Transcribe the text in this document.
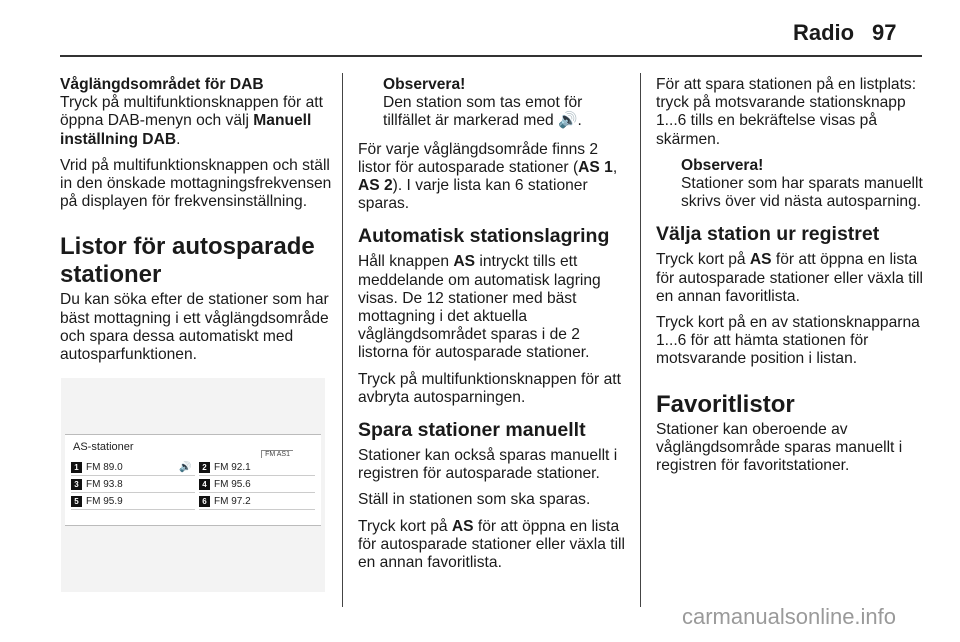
Radio 97
Våglängdsområdet för DAB

Tryck på multifunktionsknappen för att öppna DAB-menyn och välj Manuell inställning DAB.

Vrid på multifunktionsknappen och ställ in den önskade mottagningsfrekvensen på displayen för frekvensinställning.

Listor för autosparade stationer

Du kan söka efter de stationer som har bäst mottagning i ett våglängdsområde och spara dessa automatiskt med autosparfunktionen.

AS-stationer
FM AS1
1 FM 89.0	🔊	2 FM 92.1
3 FM 93.8	4 FM 95.6
5 FM 95.9	6 FM 97.2
Observera!
Den station som tas emot för tillfället är markerad med 🔊.

För varje våglängdsområde finns 2 listor för autosparade stationer (AS 1, AS 2). I varje lista kan 6 stationer sparas.

Automatisk stationslagring

Håll knappen AS intryckt tills ett meddelande om automatisk lagring visas. De 12 stationer med bäst mottagning i det aktuella våglängdsområdet sparas i de 2 listorna för autosparade stationer.

Tryck på multifunktionsknappen för att avbryta autosparningen.

Spara stationer manuellt

Stationer kan också sparas manuellt i registren för autosparade stationer.

Ställ in stationen som ska sparas.

Tryck kort på AS för att öppna en lista för autosparade stationer eller växla till en annan favoritlista.

För att spara stationen på en listplats: tryck på motsvarande stationsknapp 1...6 tills en bekräftelse visas på skärmen.

Observera!
Stationer som har sparats manuellt skrivs över vid nästa autosparning.
Välja station ur registret

Tryck kort på AS för att öppna en lista för autosparade stationer eller växla till en annan favoritlista.

Tryck kort på en av stationsknapparna 1...6 för att hämta stationen för motsvarande position i listan.

Favoritlistor

Stationer kan oberoende av våglängdsområde sparas manuellt i registren för favoritstationer.

carmanualsonline.info
